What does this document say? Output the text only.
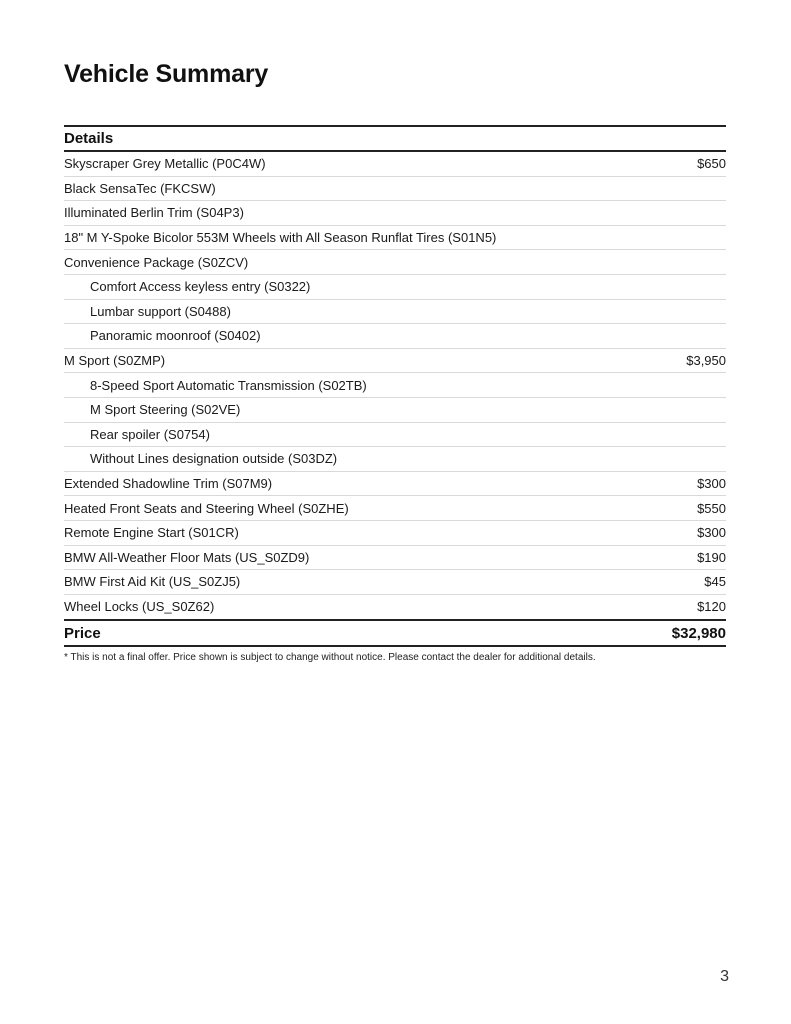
Vehicle Summary
Details
Skyscraper Grey Metallic (P0C4W)	$650
Black SensaTec (FKCSW)
Illuminated Berlin Trim (S04P3)
18" M Y-Spoke Bicolor 553M Wheels with All Season Runflat Tires (S01N5)
Convenience Package (S0ZCV)
Comfort Access keyless entry (S0322)
Lumbar support (S0488)
Panoramic moonroof (S0402)
M Sport (S0ZMP)	$3,950
8-Speed Sport Automatic Transmission (S02TB)
M Sport Steering (S02VE)
Rear spoiler (S0754)
Without Lines designation outside (S03DZ)
Extended Shadowline Trim (S07M9)	$300
Heated Front Seats and Steering Wheel (S0ZHE)	$550
Remote Engine Start (S01CR)	$300
BMW All-Weather Floor Mats (US_S0ZD9)	$190
BMW First Aid Kit (US_S0ZJ5)	$45
Wheel Locks (US_S0Z62)	$120
Price	$32,980
* This is not a final offer. Price shown is subject to change without notice. Please contact the dealer for additional details.
3
